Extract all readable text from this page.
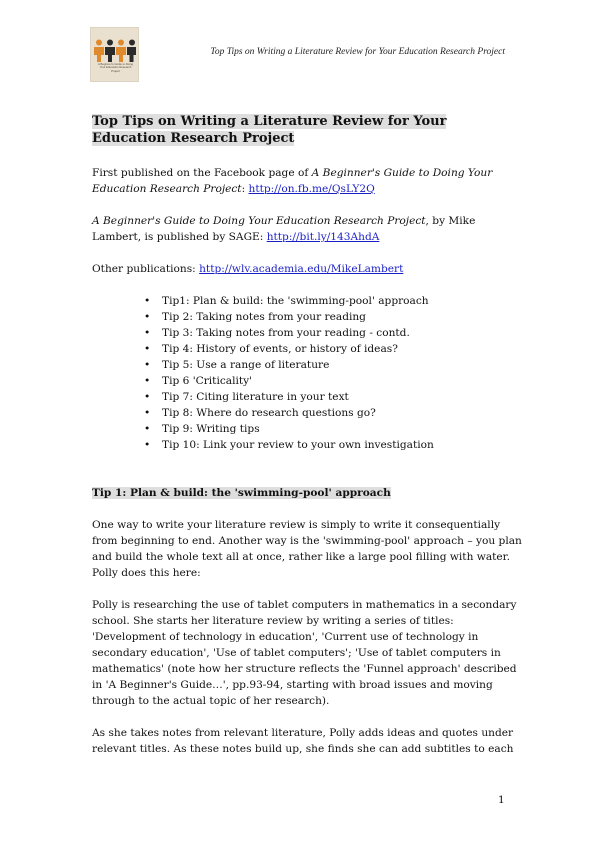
A Beginner's Guide to Doing Your Education Research Project
Top Tips on Writing a Literature Review for Your Education Research Project
Top Tips on Writing a Literature Review for Your Education Research Project

First published on the Facebook page of A Beginner's Guide to Doing Your Education Research Project: http://on.fb.me/QsLY2Q

A Beginner's Guide to Doing Your Education Research Project, by Mike Lambert, is published by SAGE: http://bit.ly/143AhdA

Other publications: http://wlv.academia.edu/MikeLambert

• Tip1: Plan & build: the 'swimming-pool' approach
• Tip 2: Taking notes from your reading
• Tip 3: Taking notes from your reading - contd.
• Tip 4: History of events, or history of ideas?
• Tip 5: Use a range of literature
• Tip 6 'Criticality'
• Tip 7: Citing literature in your text
• Tip 8: Where do research questions go?
• Tip 9: Writing tips
• Tip 10: Link your review to your own investigation

Tip 1: Plan & build: the 'swimming-pool' approach

One way to write your literature review is simply to write it consequentially
from beginning to end. Another way is the 'swimming-pool' approach – you plan
and build the whole text all at once, rather like a large pool filling with water.
Polly does this here:
Polly is researching the use of tablet computers in mathematics in a secondary
school. She starts her literature review by writing a series of titles:
'Development of technology in education', 'Current use of technology in
secondary education', 'Use of tablet computers'; 'Use of tablet computers in
mathematics' (note how her structure reflects the 'Funnel approach' described
in 'A Beginner's Guide…', pp.93-94, starting with broad issues and moving
through to the actual topic of her research).
As she takes notes from relevant literature, Polly adds ideas and quotes under
relevant titles. As these notes build up, she finds she can add subtitles to each
1
